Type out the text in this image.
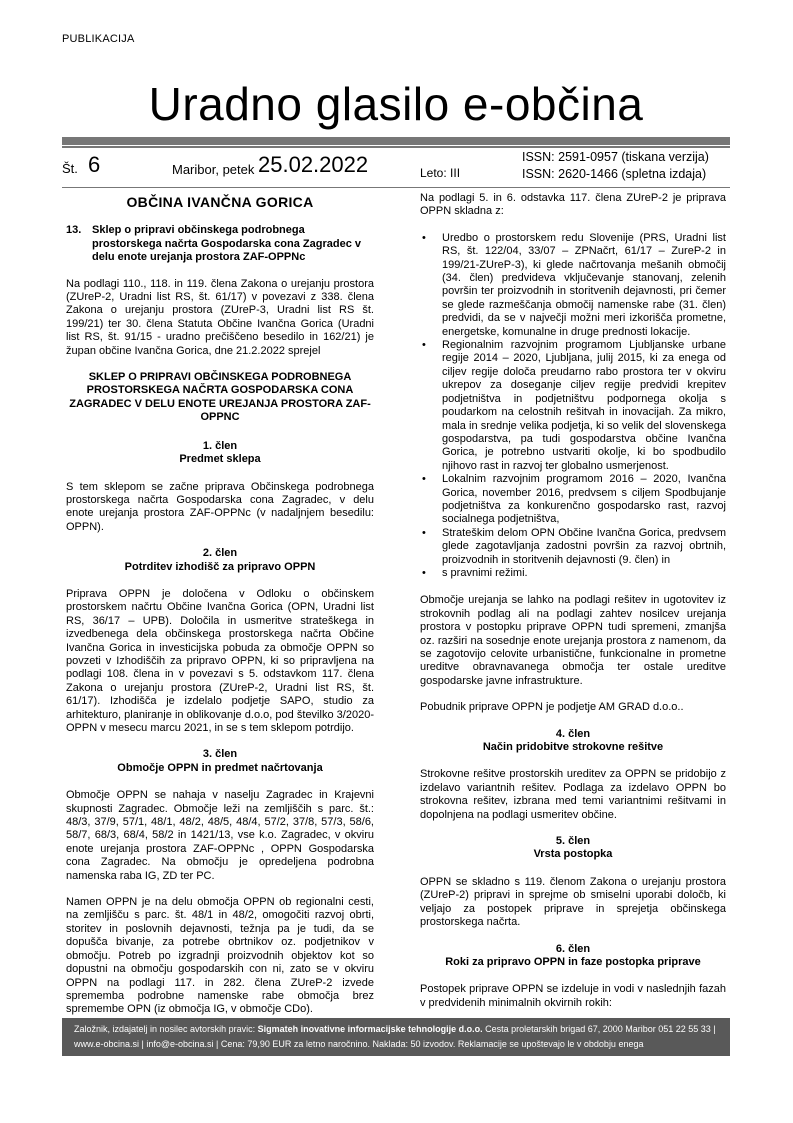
PUBLIKACIJA
Uradno glasilo e-občina
Št. 6	Maribor, petek 25.02.2022	Leto: III
ISSN: 2591-0957 (tiskana verzija)
ISSN: 2620-1466 (spletna izdaja)
OBČINA IVANČNA GORICA
13. Sklep o pripravi občinskega podrobnega prostorskega načrta Gospodarska cona Zagradec v delu enote urejanja prostora ZAF-OPPNc

Na podlagi 110., 118. in 119. člena Zakona o urejanju prostora (ZUreP-2, Uradni list RS, št. 61/17) v povezavi z 338. člena Zakona o urejanju prostora (ZUreP-3, Uradni list RS št. 199/21) ter 30. člena Statuta Občine Ivančna Gorica (Uradni list RS, št. 91/15 - uradno prečiščeno besedilo in 162/21) je župan občine Ivančna Gorica, dne 21.2.2022 sprejel

SKLEP O PRIPRAVI OBČINSKEGA PODROBNEGA PROSTORSKEGA NAČRTA GOSPODARSKA CONA ZAGRADEC V DELU ENOTE UREJANJA PROSTORA ZAF-OPPNC
1. člen
Predmet sklepa

S tem sklepom se začne priprava Občinskega podrobnega prostorskega načrta Gospodarska cona Zagradec, v delu enote urejanja prostora ZAF-OPPNc (v nadaljnjem besedilu: OPPN).

2. člen
Potrditev izhodišč za pripravo OPPN

Priprava OPPN je določena v Odloku o občinskem prostorskem načrtu Občine Ivančna Gorica (OPN, Uradni list RS, 36/17 – UPB). Določila in usmeritve strateškega in izvedbenega dela občinskega prostorskega načrta Občine Ivančna Gorica in investicijska pobuda za območje OPPN so povzeti v Izhodiščih za pripravo OPPN, ki so pripravljena na podlagi 108. člena in v povezavi s 5. odstavkom 117. člena Zakona o urejanju prostora (ZUreP-2, Uradni list RS, št. 61/17). Izhodišča je izdelalo podjetje SAPO, studio za arhitekturo, planiranje in oblikovanje d.o.o, pod številko 3/2020-OPPN v mesecu marcu 2021, in se s tem sklepom potrdijo.

3. člen
Območje OPPN in predmet načrtovanja

Območje OPPN se nahaja v naselju Zagradec in Krajevni skupnosti Zagradec. Območje leži na zemljiščih s parc. št.: 48/3, 37/9, 57/1, 48/1, 48/2, 48/5, 48/4, 57/2, 37/8, 57/3, 58/6, 58/7, 68/3, 68/4, 58/2 in 1421/13, vse k.o. Zagradec, v okviru enote urejanja prostora ZAF-OPPNc , OPPN Gospodarska cona Zagradec. Na območju je opredeljena podrobna namenska raba IG, ZD ter PC.

Namen OPPN je na delu območja OPPN ob regionalni cesti, na zemljišču s parc. št. 48/1 in 48/2, omogočiti razvoj obrti, storitev in poslovnih dejavnosti, težnja pa je tudi, da se dopušča bivanje, za potrebe obrtnikov oz. podjetnikov v območju. Potreb po izgradnji proizvodnih objektov kot so dopustni na območju gospodarskih con ni, zato se v okviru OPPN na podlagi 117. in 282. člena ZUreP-2 izvede sprememba podrobne namenske rabe območja brez spremembe OPN (iz območja IG, v območje CDo).

Na podlagi 5. in 6. odstavka 117. člena ZUreP-2 je priprava OPPN skladna z:

• Uredbo o prostorskem redu Slovenije (PRS, Uradni list RS, št. 122/04, 33/07 – ZPNačrt, 61/17 – ZureP-2 in 199/21-ZUreP-3), ki glede načrtovanja mešanih območij (34. člen) predvideva vključevanje stanovanj, zelenih površin ter proizvodnih in storitvenih dejavnosti, pri čemer se glede razmeščanja območij namenske rabe (31. člen) predvidi, da se v največji možni meri izkorišča prometne, energetske, komunalne in druge prednosti lokacije.
• Regionalnim razvojnim programom Ljubljanske urbane regije 2014 – 2020, Ljubljana, julij 2015, ki za enega od ciljev regije določa preudarno rabo prostora ter v okviru ukrepov za doseganje ciljev regije predvidi krepitev podjetništva in podjetništvu podpornega okolja s poudarkom na celostnih rešitvah in inovacijah. Za mikro, mala in srednje velika podjetja, ki so velik del slovenskega gospodarstva, pa tudi gospodarstva občine Ivančna Gorica, je potrebno ustvariti okolje, ki bo spodbudilo njihovo rast in razvoj ter globalno usmerjenost.
• Lokalnim razvojnim programom 2016 – 2020, Ivančna Gorica, november 2016, predvsem s ciljem Spodbujanje podjetništva za konkurenčno gospodarsko rast, razvoj socialnega podjetništva,
• Strateškim delom OPN Občine Ivančna Gorica, predvsem glede zagotavljanja zadostni površin za razvoj obrtnih, proizvodnih in storitvenih dejavnosti (9. člen) in
• s pravnimi režimi.

Območje urejanja se lahko na podlagi rešitev in ugotovitev iz strokovnih podlag ali na podlagi zahtev nosilcev urejanja prostora v postopku priprave OPPN tudi spremeni, zmanjša oz. razširi na sosednje enote urejanja prostora z namenom, da se zagotovijo celovite urbanistične, funkcionalne in prometne ureditve obravnavanega območja ter ostale ureditve gospodarske javne infrastrukture.

Pobudnik priprave OPPN je podjetje AM GRAD d.o.o..

4. člen
Način pridobitve strokovne rešitve

Strokovne rešitve prostorskih ureditev za OPPN se pridobijo z izdelavo variantnih rešitev. Podlaga za izdelavo OPPN bo strokovna rešitev, izbrana med temi variantnimi rešitvami in dopolnjena na podlagi usmeritev občine.

5. člen
Vrsta postopka

OPPN se skladno s 119. členom Zakona o urejanju prostora (ZUreP-2) pripravi in sprejme ob smiselni uporabi določb, ki veljajo za postopek priprave in sprejetja občinskega prostorskega načrta.

6. člen
Roki za pripravo OPPN in faze postopka priprave

Postopek priprave OPPN se izdeluje in vodi v naslednjih fazah v predvidenih minimalnih okvirnih rokih:

Založnik, izdajatelj in nosilec avtorskih pravic: Sigmateh inovativne informacijske tehnologije d.o.o. Cesta proletarskih brigad 67, 2000 Maribor 051 22 55 33 | www.e-obcina.si | info@e-obcina.si | Cena: 79,90 EUR za letno naročnino. Naklada: 50 izvodov. Reklamacije se upoštevajo le v obdobju enega
